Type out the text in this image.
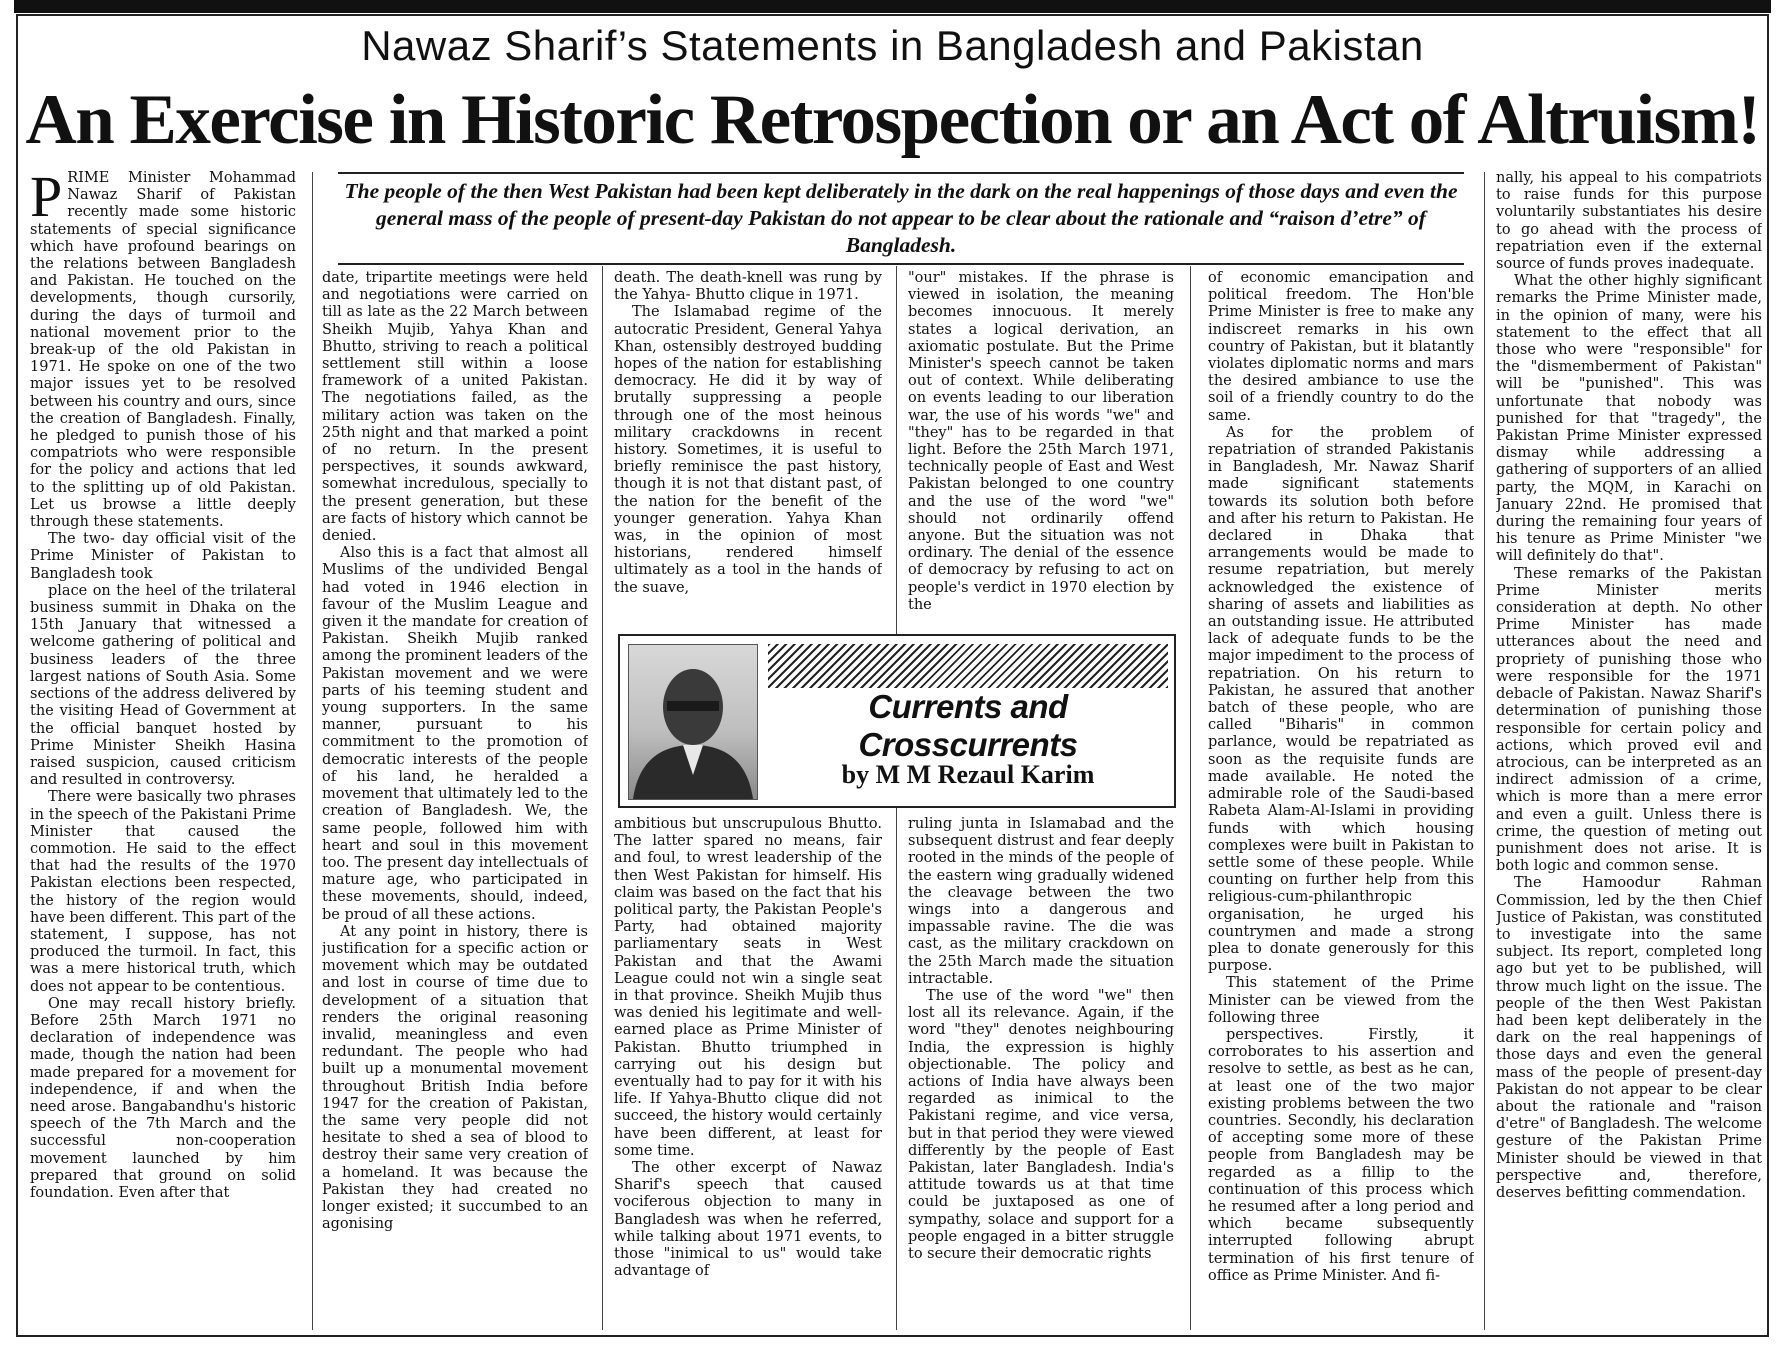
Nawaz Sharif’s Statements in Bangladesh and Pakistan
An Exercise in Historic Retrospection or an Act of Altruism!
The people of the then West Pakistan had been kept deliberately in the dark on the real happenings of those days and even the general mass of the people of present-day Pakistan do not appear to be clear about the rationale and “raison d’etre” of Bangladesh.

PRIME Minister Mohammad Nawaz Sharif of Pakistan recently made some historic statements of special significance which have profound bearings on the relations between Bangladesh and Pakistan. He touched on the developments, though cursorily, during the days of turmoil and national movement prior to the break-up of the old Pakistan in 1971. He spoke on one of the two major issues yet to be resolved between his country and ours, since the creation of Bangladesh. Finally, he pledged to punish those of his compatriots who were responsible for the policy and actions that led to the splitting up of old Pakistan. Let us browse a little deeply through these statements.

The two- day official visit of the Prime Minister of Pakistan to Bangladesh took

place on the heel of the trilateral business summit in Dhaka on the 15th January that witnessed a welcome gathering of political and business leaders of the three largest nations of South Asia. Some sections of the address delivered by the visiting Head of Government at the official banquet hosted by Prime Minister Sheikh Hasina raised suspicion, caused criticism and resulted in controversy.

There were basically two phrases in the speech of the Pakistani Prime Minister that caused the commotion. He said to the effect that had the results of the 1970 Pakistan elections been respected, the history of the region would have been different. This part of the statement, I suppose, has not produced the turmoil. In fact, this was a mere historical truth, which does not appear to be contentious.

One may recall history briefly. Before 25th March 1971 no declaration of independence was made, though the nation had been made prepared for a movement for independence, if and when the need arose. Bangabandhu's historic speech of the 7th March and the successful non-cooperation movement launched by him prepared that ground on solid foundation. Even after that

date, tripartite meetings were held and negotiations were carried on till as late as the 22 March between Sheikh Mujib, Yahya Khan and Bhutto, striving to reach a political settlement still within a loose framework of a united Pakistan. The negotiations failed, as the military action was taken on the 25th night and that marked a point of no return. In the present perspectives, it sounds awkward, somewhat incredulous, specially to the present generation, but these are facts of history which cannot be denied.

Also this is a fact that almost all Muslims of the undivided Bengal had voted in 1946 election in favour of the Muslim League and given it the mandate for creation of Pakistan. Sheikh Mujib ranked among the prominent leaders of the Pakistan movement and we were parts of his teeming student and young supporters. In the same manner, pursuant to his commitment to the promotion of democratic interests of the people of his land, he heralded a movement that ultimately led to the creation of Bangladesh. We, the same people, followed him with heart and soul in this movement too. The present day intellectuals of mature age, who participated in these movements, should, indeed, be proud of all these actions.

At any point in history, there is justification for a specific action or movement which may be outdated and lost in course of time due to development of a situation that renders the original reasoning invalid, meaningless and even redundant. The people who had built up a monumental movement throughout British India before 1947 for the creation of Pakistan, the same very people did not hesitate to shed a sea of blood to destroy their same very creation of a homeland. It was because the Pakistan they had created no longer existed; it succumbed to an agonising

death. The death-knell was rung by the Yahya- Bhutto clique in 1971.

The Islamabad regime of the autocratic President, General Yahya Khan, ostensibly destroyed budding hopes of the nation for establishing democracy. He did it by way of brutally suppressing a people through one of the most heinous military crackdowns in recent history. Sometimes, it is useful to briefly reminisce the past history, though it is not that distant past, of the nation for the benefit of the younger generation. Yahya Khan was, in the opinion of most historians, rendered himself ultimately as a tool in the hands of the suave,

ambitious but unscrupulous Bhutto. The latter spared no means, fair and foul, to wrest leadership of the then West Pakistan for himself. His claim was based on the fact that his political party, the Pakistan People's Party, had obtained majority parliamentary seats in West Pakistan and that the Awami League could not win a single seat in that province. Sheikh Mujib thus was denied his legitimate and well-earned place as Prime Minister of Pakistan. Bhutto triumphed in carrying out his design but eventually had to pay for it with his life. If Yahya-Bhutto clique did not succeed, the history would certainly have been different, at least for some time.

The other excerpt of Nawaz Sharif's speech that caused vociferous objection to many in Bangladesh was when he referred, while talking about 1971 events, to those "inimical to us" would take advantage of

"our" mistakes. If the phrase is viewed in isolation, the meaning becomes innocuous. It merely states a logical derivation, an axiomatic postulate. But the Prime Minister's speech cannot be taken out of context. While deliberating on events leading to our liberation war, the use of his words "we" and "they" has to be regarded in that light. Before the 25th March 1971, technically people of East and West Pakistan belonged to one country and the use of the word "we" should not ordinarily offend anyone. But the situation was not ordinary. The denial of the essence of democracy by refusing to act on people's verdict in 1970 election by the

ruling junta in Islamabad and the subsequent distrust and fear deeply rooted in the minds of the people of the eastern wing gradually widened the cleavage between the two wings into a dangerous and impassable ravine. The die was cast, as the military crackdown on the 25th March made the situation intractable.

The use of the word "we" then lost all its relevance. Again, if the word "they" denotes neighbouring India, the expression is highly objectionable. The policy and actions of India have always been regarded as inimical to the Pakistani regime, and vice versa, but in that period they were viewed differently by the people of East Pakistan, later Bangladesh. India's attitude towards us at that time could be juxtaposed as one of sympathy, solace and support for a people engaged in a bitter struggle to secure their democratic rights

of economic emancipation and political freedom. The Hon'ble Prime Minister is free to make any indiscreet remarks in his own country of Pakistan, but it blatantly violates diplomatic norms and mars the desired ambiance to use the soil of a friendly country to do the same.

As for the problem of repatriation of stranded Pakistanis in Bangladesh, Mr. Nawaz Sharif made significant statements towards its solution both before and after his return to Pakistan. He declared in Dhaka that arrangements would be made to resume repatriation, but merely acknowledged the existence of sharing of assets and liabilities as an outstanding issue. He attributed lack of adequate funds to be the major impediment to the process of repatriation. On his return to Pakistan, he assured that another batch of these people, who are called "Biharis" in common parlance, would be repatriated as soon as the requisite funds are made available. He noted the admirable role of the Saudi-based Rabeta Alam-Al-Islami in providing funds with which housing complexes were built in Pakistan to settle some of these people. While counting on further help from this religious-cum-philanthropic organisation, he urged his countrymen and made a strong plea to donate generously for this purpose.

This statement of the Prime Minister can be viewed from the following three

perspectives. Firstly, it corroborates to his assertion and resolve to settle, as best as he can, at least one of the two major existing problems between the two countries. Secondly, his declaration of accepting some more of these people from Bangladesh may be regarded as a fillip to the continuation of this process which he resumed after a long period and which became subsequently interrupted following abrupt termination of his first tenure of office as Prime Minister. And fi-

nally, his appeal to his compatriots to raise funds for this purpose voluntarily substantiates his desire to go ahead with the process of repatriation even if the external source of funds proves inadequate.

What the other highly significant remarks the Prime Minister made, in the opinion of many, were his statement to the effect that all those who were "responsible" for the "dismemberment of Pakistan" will be "punished". This was unfortunate that nobody was punished for that "tragedy", the Pakistan Prime Minister expressed dismay while addressing a gathering of supporters of an allied party, the MQM, in Karachi on January 22nd. He promised that during the remaining four years of his tenure as Prime Minister "we will definitely do that".

These remarks of the Pakistan Prime Minister merits consideration at depth. No other Prime Minister has made utterances about the need and propriety of punishing those who were responsible for the 1971 debacle of Pakistan. Nawaz Sharif's determination of punishing those responsible for certain policy and actions, which proved evil and atrocious, can be interpreted as an indirect admission of a crime, which is more than a mere error and even a guilt. Unless there is crime, the question of meting out punishment does not arise. It is both logic and common sense.

The Hamoodur Rahman Commission, led by the then Chief Justice of Pakistan, was constituted to investigate into the same subject. Its report, completed long ago but yet to be published, will throw much light on the issue. The people of the then West Pakistan had been kept deliberately in the dark on the real happenings of those days and even the general mass of the people of present-day Pakistan do not appear to be clear about the rationale and "raison d'etre" of Bangladesh. The welcome gesture of the Pakistan Prime Minister should be viewed in that perspective and, therefore, deserves befitting commendation.

Currents and Crosscurrents
by M M Rezaul Karim
